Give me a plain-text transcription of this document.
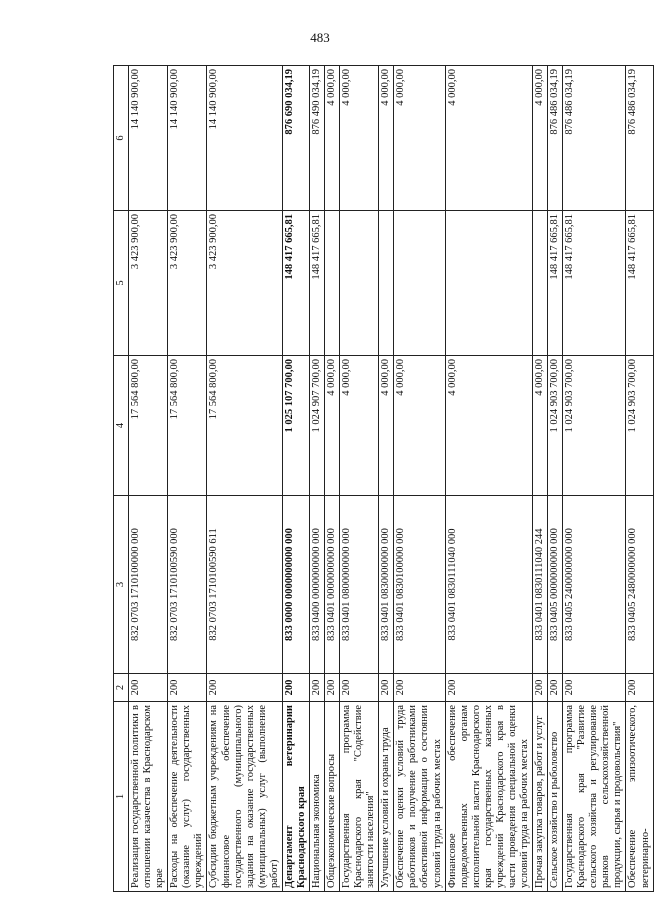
483
1	2	3	4	5	6
Реализация государственной политики в отношении казачества в Краснодарском крае	200	832 0703 1710100000 000	17 564 800,00	3 423 900,00	14 140 900,00
Расходы на обеспечение деятельности (оказание услуг) государственных учреждений	200	832 0703 1710100590 000	17 564 800,00	3 423 900,00	14 140 900,00
Субсидии бюджетным учреждениям на финансовое обеспечение государственного (муниципального) задания на оказание государственных (муниципальных) услуг (выполнение работ)	200	832 0703 1710100590 611	17 564 800,00	3 423 900,00	14 140 900,00
Департамент ветеринарии Краснодарского края	200	833 0000 0000000000 000	1 025 107 700,00	148 417 665,81	876 690 034,19
Национальная экономика	200	833 0400 0000000000 000	1 024 907 700,00	148 417 665,81	876 490 034,19
Общеэкономические вопросы	200	833 0401 0000000000 000	4 000,00		4 000,00
Государственная программа Краснодарского края "Содействие занятости населения"	200	833 0401 0800000000 000	4 000,00		4 000,00
Улучшение условий и охраны труда	200	833 0401 0830000000 000	4 000,00		4 000,00
Обеспечение оценки условий труда работников и получение работниками объективной информации о состоянии условий труда на рабочих местах	200	833 0401 0830100000 000	4 000,00		4 000,00
Финансовое обеспечение подведомственных органам исполнительной власти Краснодарского края государственных казенных учреждений Краснодарского края в части проведения специальной оценки условий труда на рабочих местах	200	833 0401 0830111040 000	4 000,00		4 000,00
Прочая закупка товаров, работ и услуг	200	833 0401 0830111040 244	4 000,00		4 000,00
Сельское хозяйство и рыболовство	200	833 0405 0000000000 000	1 024 903 700,00	148 417 665,81	876 486 034,19
Государственная программа Краснодарского края "Развитие сельского хозяйства и регулирование рынков сельскохозяйственной продукции, сырья и продовольствия"	200	833 0405 2400000000 000	1 024 903 700,00	148 417 665,81	876 486 034,19
Обеспечение эпизоотического, ветеринарно-	200	833 0405 2480000000 000	1 024 903 700,00	148 417 665,81	876 486 034,19
